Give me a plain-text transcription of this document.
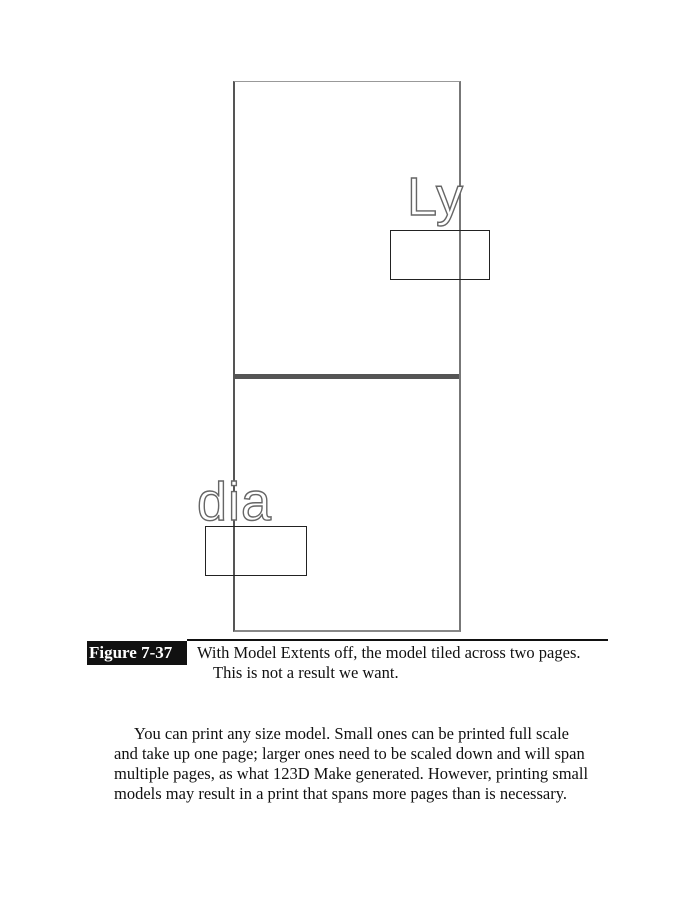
Ly
dia
Figure 7-37	With Model Extents off, the model tiled across two pages.
This is not a result we want.
You can print any size model. Small ones can be printed full scale
and take up one page; larger ones need to be scaled down and will span
multiple pages, as what 123D Make generated. However, printing small
models may result in a print that spans more pages than is necessary.
